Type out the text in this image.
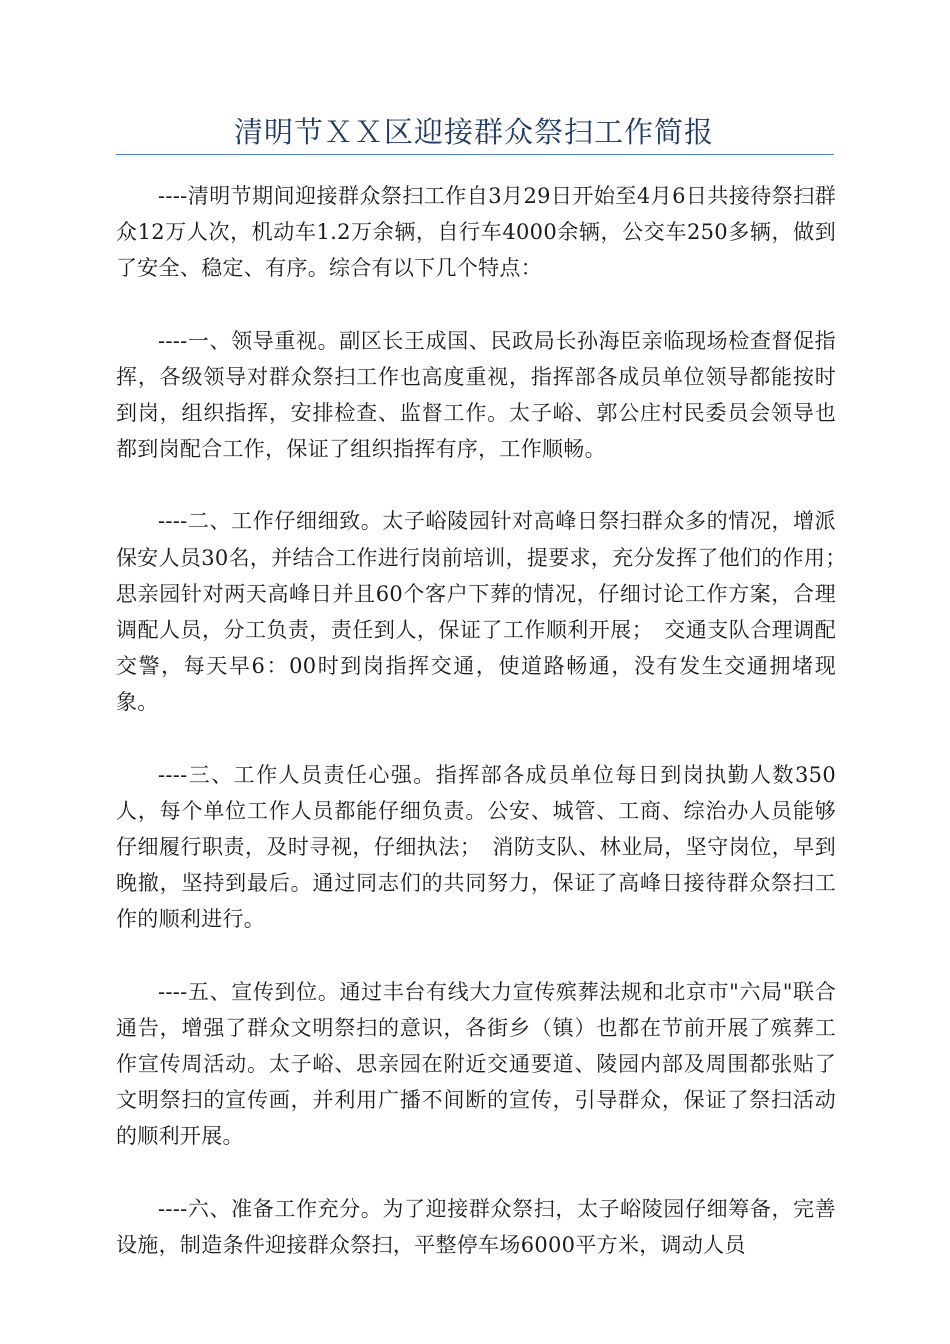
清明节ＸＸ区迎接群众祭扫工作简报

----清明节期间迎接群众祭扫工作自3月29日开始至4月6日共接待祭扫群众12万人次，机动车1.2万余辆，自行车4000余辆，公交车250多辆，做到了安全、稳定、有序。综合有以下几个特点：

----一、领导重视。副区长王成国、民政局长孙海臣亲临现场检查督促指挥，各级领导对群众祭扫工作也高度重视，指挥部各成员单位领导都能按时到岗，组织指挥，安排检查、监督工作。太子峪、郭公庄村民委员会领导也都到岗配合工作，保证了组织指挥有序，工作顺畅。

----二、工作仔细细致。太子峪陵园针对高峰日祭扫群众多的情况，增派保安人员30名，并结合工作进行岗前培训，提要求，充分发挥了他们的作用；　思亲园针对两天高峰日并且60个客户下葬的情况，仔细讨论工作方案，合理调配人员，分工负责，责任到人，保证了工作顺利开展；　交通支队合理调配交警，每天早6：00时到岗指挥交通，使道路畅通，没有发生交通拥堵现象。

----三、工作人员责任心强。指挥部各成员单位每日到岗执勤人数350人，每个单位工作人员都能仔细负责。公安、城管、工商、综治办人员能够仔细履行职责，及时寻视，仔细执法；　消防支队、林业局，坚守岗位，早到晚撤，坚持到最后。通过同志们的共同努力，保证了高峰日接待群众祭扫工作的顺利进行。

----五、宣传到位。通过丰台有线大力宣传殡葬法规和北京市"六局"联合通告，增强了群众文明祭扫的意识，各街乡（镇）也都在节前开展了殡葬工作宣传周活动。太子峪、思亲园在附近交通要道、陵园内部及周围都张贴了文明祭扫的宣传画，并利用广播不间断的宣传，引导群众，保证了祭扫活动的顺利开展。

----六、准备工作充分。为了迎接群众祭扫，太子峪陵园仔细筹备，完善设施，制造条件迎接群众祭扫，平整停车场6000平方米，调动人员
